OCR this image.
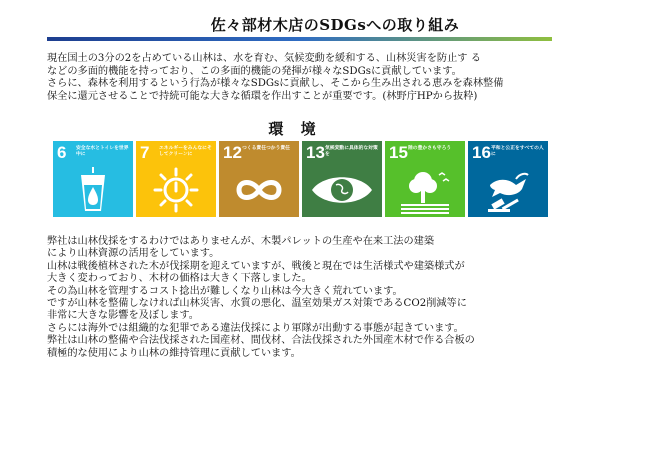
佐々部材木店のSDGsへの取り組み
現在国土の3分の2を占めている山林は、水を育む、気候変動を緩和する、山林災害を防止す る
などの多面的機能を持っており、この多面的機能の発揮が様々なSDGsに貢献しています。
さらに、森林を利用するという行為が様々なSDGsに貢献し、そこから生み出される恵みを森林整備
保全に還元させることで持続可能な大きな循環を作出すことが重要です。(林野庁HPから抜粋)
環 境
6 安全な水とトイレを世界中に	7 エネルギーをみんなにそしてクリーンに	12 つくる責任つかう責任 13 気候変動に具体的な対策を	15 陸の豊かさも守ろう	16 平和と公正をすべての人に
弊社は山林伐採をするわけではありませんが、木製パレットの生産や在来工法の建築
により山林資源の活用をしています。
山林は戦後植林された木が伐採期を迎えていますが、戦後と現在では生活様式や建築様式が
大きく変わっており、木材の価格は大きく下落しました。
その為山林を管理するコスト捻出が難しくなり山林は今大きく荒れています。
ですが山林を整備しなければ山林災害、水質の悪化、温室効果ガス対策であるCO2削減等に
非常に大きな影響を及ぼします。
さらには海外では組織的な犯罪である違法伐採により軍隊が出動する事態が起きています。
弊社は山林の整備や合法伐採された国産材、間伐材、合法伐採された外国産木材で作る合板の
積極的な使用により山林の維持管理に貢献しています。
